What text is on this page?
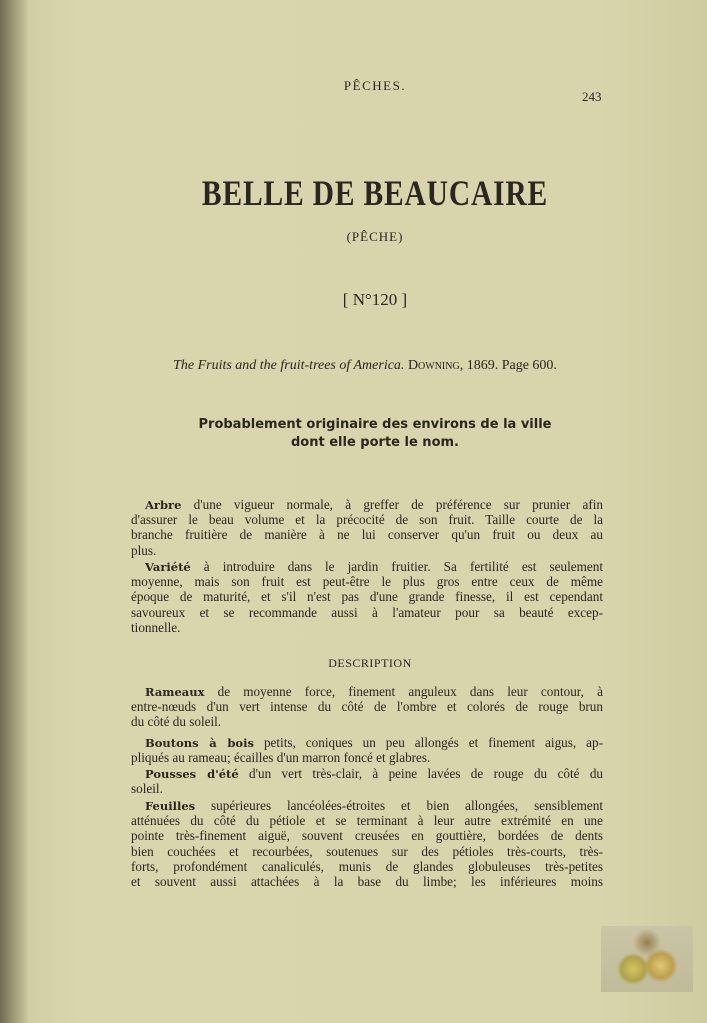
PÊCHES.
243
BELLE DE BEAUCAIRE
(PÊCHE)
[ N°120 ]
The Fruits and the fruit-trees of America. Downing, 1869. Page 600.
Probablement originaire des environs de la ville
dont elle porte le nom.
Arbre d'une vigueur normale, à greffer de préférence sur prunier afin
d'assurer le beau volume et la précocité de son fruit. Taille courte de la
branche fruitière de manière à ne lui conserver qu'un fruit ou deux au
plus.
Variété à introduire dans le jardin fruitier. Sa fertilité est seulement
moyenne, mais son fruit est peut-être le plus gros entre ceux de même
époque de maturité, et s'il n'est pas d'une grande finesse, il est cependant
savoureux et se recommande aussi à l'amateur pour sa beauté excep-
tionnelle.
DESCRIPTION
Rameaux de moyenne force, finement anguleux dans leur contour, à
entre-nœuds d'un vert intense du côté de l'ombre et colorés de rouge brun
du côté du soleil.
Boutons à bois petits, coniques un peu allongés et finement aigus, ap-
pliqués au rameau; écailles d'un marron foncé et glabres.
Pousses d'été d'un vert très-clair, à peine lavées de rouge du côté du
soleil.
Feuilles supérieures lancéolées-étroites et bien allongées, sensiblement
atténuées du côté du pétiole et se terminant à leur autre extrémité en une
pointe très-finement aiguë, souvent creusées en gouttière, bordées de dents
bien couchées et recourbées, soutenues sur des pétioles très-courts, très-
forts, profondément canaliculés, munis de glandes globuleuses très-petites
et souvent aussi attachées à la base du limbe; les inférieures moins
